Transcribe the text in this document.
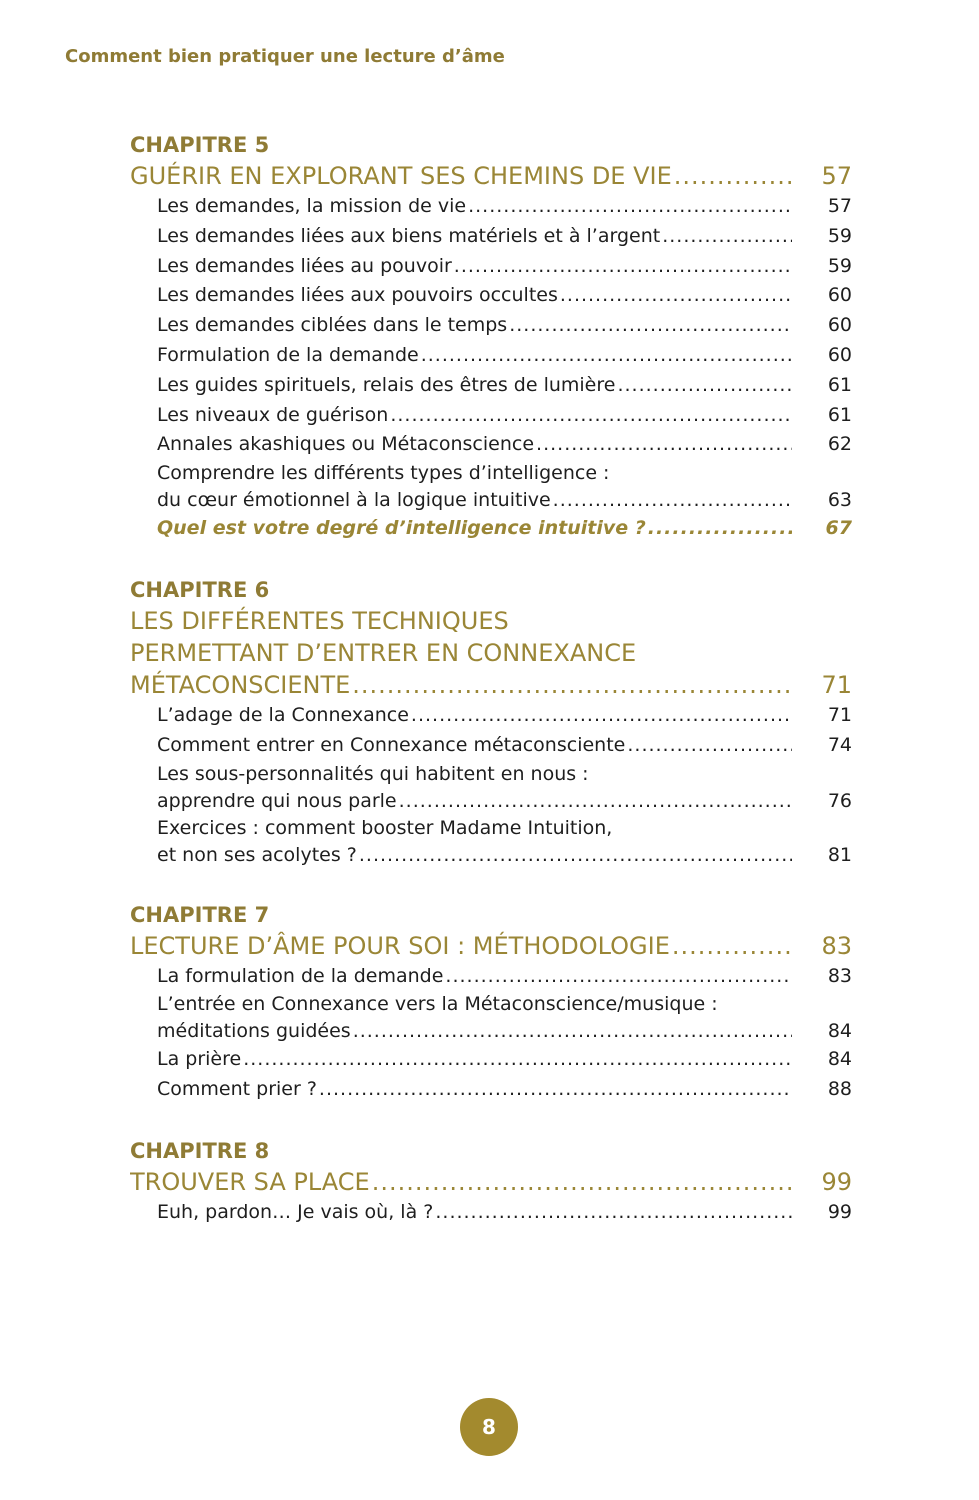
Comment bien pratiquer une lecture d’âme
CHAPITRE 5
GUÉRIR EN EXPLORANT SES CHEMINS DE VIE .....	57
Les demandes, la mission de vie .....	57
Les demandes liées aux biens matériels et à l’argent .....	59
Les demandes liées au pouvoir .....	59
Les demandes liées aux pouvoirs occultes .....	60
Les demandes ciblées dans le temps .....	60
Formulation de la demande .....	60
Les guides spirituels, relais des êtres de lumière .....	61
Les niveaux de guérison .....	61
Annales akashiques ou Métaconscience .....	62
Comprendre les différents types d’intelligence :
du cœur émotionnel à la logique intuitive .....	63
Quel est votre degré d’intelligence intuitive ? .....	67
CHAPITRE 6
LES DIFFÉRENTES TECHNIQUES
PERMETTANT D’ENTRER EN CONNEXANCE
MÉTACONSCIENTE .....	71
L’adage de la Connexance .....	71
Comment entrer en Connexance métaconsciente .....	74
Les sous-personnalités qui habitent en nous :
apprendre qui nous parle .....	76
Exercices : comment booster Madame Intuition,
et non ses acolytes ? .....	81
CHAPITRE 7
LECTURE D’ÂME POUR SOI : MÉTHODOLOGIE .....	83
La formulation de la demande .....	83
L’entrée en Connexance vers la Métaconscience/musique :
méditations guidées .....	84
La prière .....	84
Comment prier ? .....	88
CHAPITRE 8
TROUVER SA PLACE .....	99
Euh, pardon… Je vais où, là ? .....	99
8
